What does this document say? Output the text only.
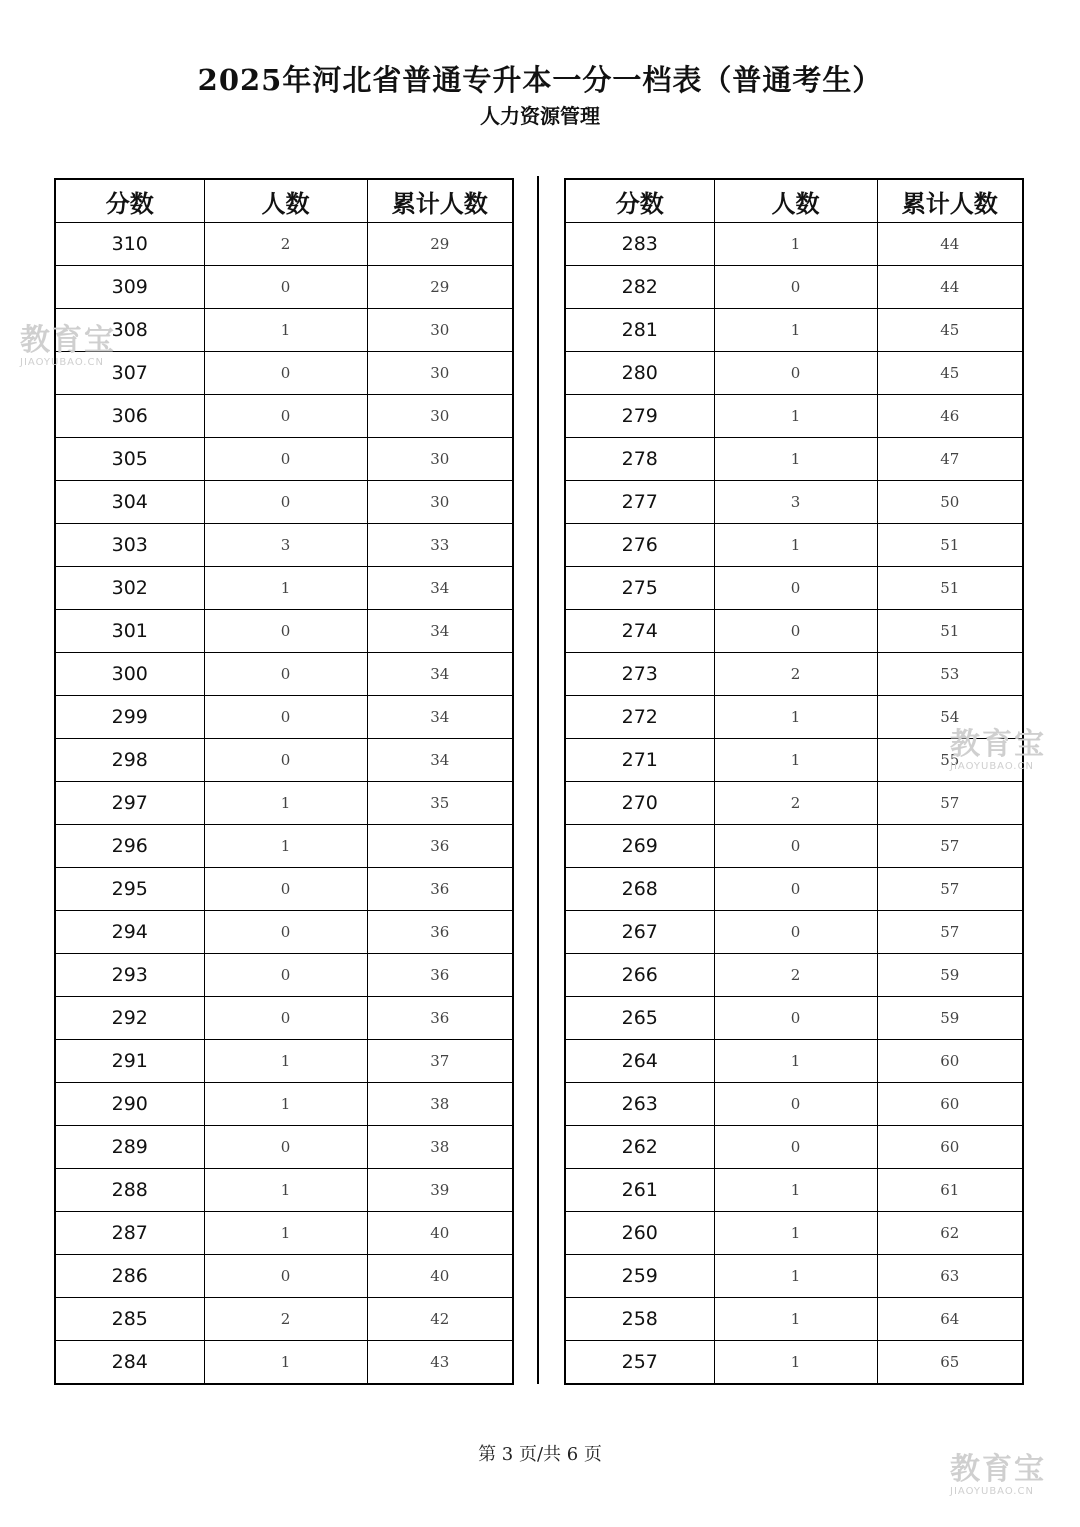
2025年河北省普通专升本一分一档表（普通考生）
人力资源管理
分数	人数	累计人数
310	2	29
309	0	29
308	1	30
307	0	30
306	0	30
305	0	30
304	0	30
303	3	33
302	1	34
301	0	34
300	0	34
299	0	34
298	0	34
297	1	35
296	1	36
295	0	36
294	0	36
293	0	36
292	0	36
291	1	37
290	1	38
289	0	38
288	1	39
287	1	40
286	0	40
285	2	42
284	1	43
分数	人数	累计人数
283	1	44
282	0	44
281	1	45
280	0	45
279	1	46
278	1	47
277	3	50
276	1	51
275	0	51
274	0	51
273	2	53
272	1	54
271	1	55
270	2	57
269	0	57
268	0	57
267	0	57
266	2	59
265	0	59
264	1	60
263	0	60
262	0	60
261	1	61
260	1	62
259	1	63
258	1	64
257	1	65
第 3 页/共 6 页
教育宝
JIAOYUBAO.CN
教育宝
JIAOYUBAO.CN
教育宝
JIAOYUBAO.CN
